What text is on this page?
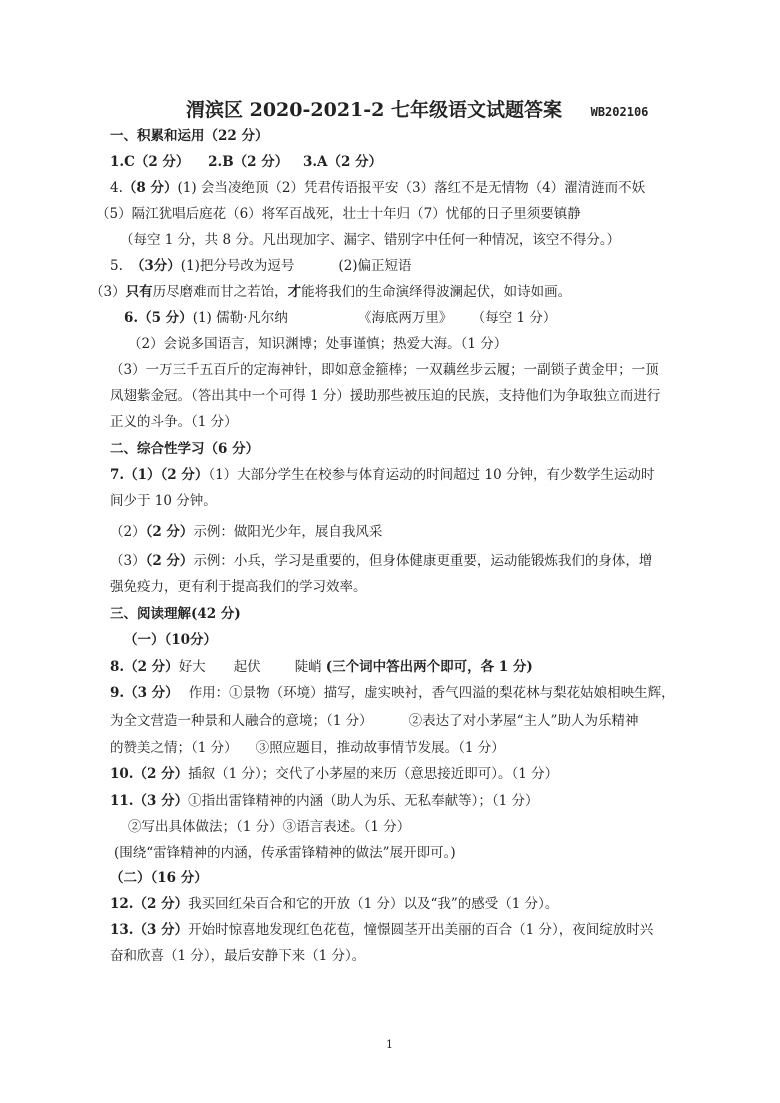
渭滨区 2020-2021-2 七年级语文试题答案 WB202106
一、积累和运用（22 分）
1.C（2 分） 2.B（2 分） 3.A（2 分）
4.（8 分）(1) 会当凌绝顶（2）凭君传语报平安（3）落红不是无情物（4）濯清涟而不妖
（5）隔江犹唱后庭花（6）将军百战死，壮士十年归（7）忧郁的日子里须要镇静
（每空 1 分，共 8 分。凡出现加字、漏字、错别字中任何一种情况，该空不得分。）
5. （3分）(1)把分号改为逗号	(2)偏正短语
（3）只有历尽磨难而甘之若饴，才能将我们的生命演绎得波澜起伏，如诗如画。
6.（5 分）(1) 儒勒·凡尔纳	《海底两万里》 （每空 1 分）
（2）会说多国语言，知识渊博；处事谨慎；热爱大海。（1 分）
（3）一万三千五百斤的定海神针，即如意金箍棒；一双藕丝步云履；一副锁子黄金甲；一顶
凤翅紫金冠。（答出其中一个可得 1 分）援助那些被压迫的民族，支持他们为争取独立而进行
正义的斗争。（1 分）
二、综合性学习（6 分）
7.（1）（2 分）（1）大部分学生在校参与体育运动的时间超过 10 分钟，有少数学生运动时
间少于 10 分钟。
（2）（2 分）示例：做阳光少年，展自我风采
（3）（2 分）示例：小兵，学习是重要的，但身体健康更重要，运动能锻炼我们的身体，增
强免疫力，更有利于提高我们的学习效率。
三、阅读理解(42 分)
（一）（10分）
8.（2 分）好大 起伏	陡峭 (三个词中答出两个即可，各 1 分)
9.（3 分） 作用：①景物（环境）描写，虚实映衬，香气四溢的梨花林与梨花姑娘相映生辉，
为全文营造一种景和人融合的意境；（1 分）	②表达了对小茅屋“主人”助人为乐精神
的赞美之情；（1 分） ③照应题目，推动故事情节发展。（1 分）
10.（2 分）插叙（1 分）；交代了小茅屋的来历（意思接近即可）。（1 分）
11.（3 分）①指出雷锋精神的内涵（助人为乐、无私奉献等）；（1 分）
②写出具体做法；（1 分）③语言表述。（1 分）
(围绕“雷锋精神的内涵，传承雷锋精神的做法”展开即可。)
（二）（16 分）
12.（2 分）我买回红朵百合和它的开放（1 分）以及“我”的感受（1 分）。
13.（3 分）开始时惊喜地发现红色花苞，憧憬圆茎开出美丽的百合（1 分），夜间绽放时兴
奋和欣喜（1 分），最后安静下来（1 分）。
1
